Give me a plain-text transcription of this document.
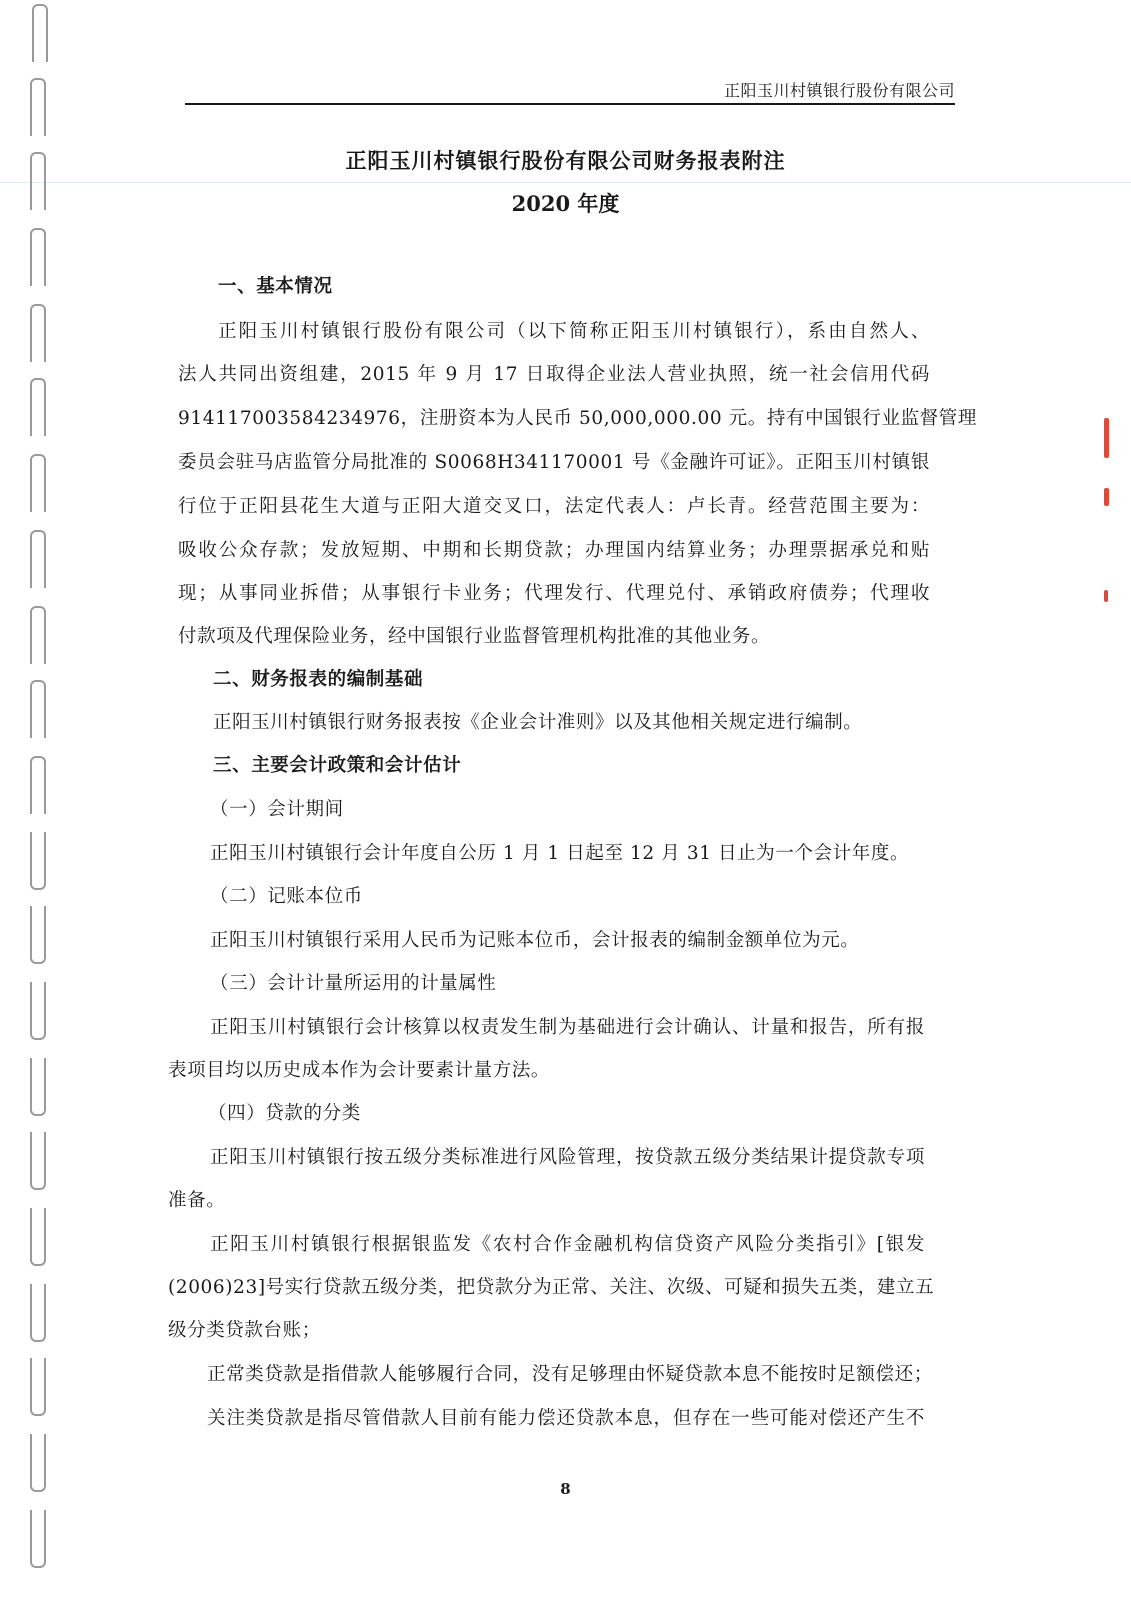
正阳玉川村镇银行股份有限公司
正阳玉川村镇银行股份有限公司财务报表附注
2020 年度
一、基本情况
正阳玉川村镇银行股份有限公司（以下简称正阳玉川村镇银行），系由自然人、
法人共同出资组建，2015 年 9 月 17 日取得企业法人营业执照，统一社会信用代码
914117003584234976，注册资本为人民币 50,000,000.00 元。持有中国银行业监督管理
委员会驻马店监管分局批准的 S0068H341170001 号《金融许可证》。正阳玉川村镇银
行位于正阳县花生大道与正阳大道交叉口，法定代表人：卢长青。经营范围主要为：
吸收公众存款；发放短期、中期和长期贷款；办理国内结算业务；办理票据承兑和贴
现；从事同业拆借；从事银行卡业务；代理发行、代理兑付、承销政府债券；代理收
付款项及代理保险业务，经中国银行业监督管理机构批准的其他业务。
二、财务报表的编制基础
正阳玉川村镇银行财务报表按《企业会计准则》以及其他相关规定进行编制。
三、主要会计政策和会计估计
（一）会计期间
正阳玉川村镇银行会计年度自公历 1 月 1 日起至 12 月 31 日止为一个会计年度。
（二）记账本位币
正阳玉川村镇银行采用人民币为记账本位币，会计报表的编制金额单位为元。
（三）会计计量所运用的计量属性
正阳玉川村镇银行会计核算以权责发生制为基础进行会计确认、计量和报告，所有报
表项目均以历史成本作为会计要素计量方法。
（四）贷款的分类
正阳玉川村镇银行按五级分类标准进行风险管理，按贷款五级分类结果计提贷款专项
准备。
正阳玉川村镇银行根据银监发《农村合作金融机构信贷资产风险分类指引》[银发
(2006)23]号实行贷款五级分类，把贷款分为正常、关注、次级、可疑和损失五类，建立五
级分类贷款台账；
正常类贷款是指借款人能够履行合同，没有足够理由怀疑贷款本息不能按时足额偿还；
关注类贷款是指尽管借款人目前有能力偿还贷款本息，但存在一些可能对偿还产生不
8
